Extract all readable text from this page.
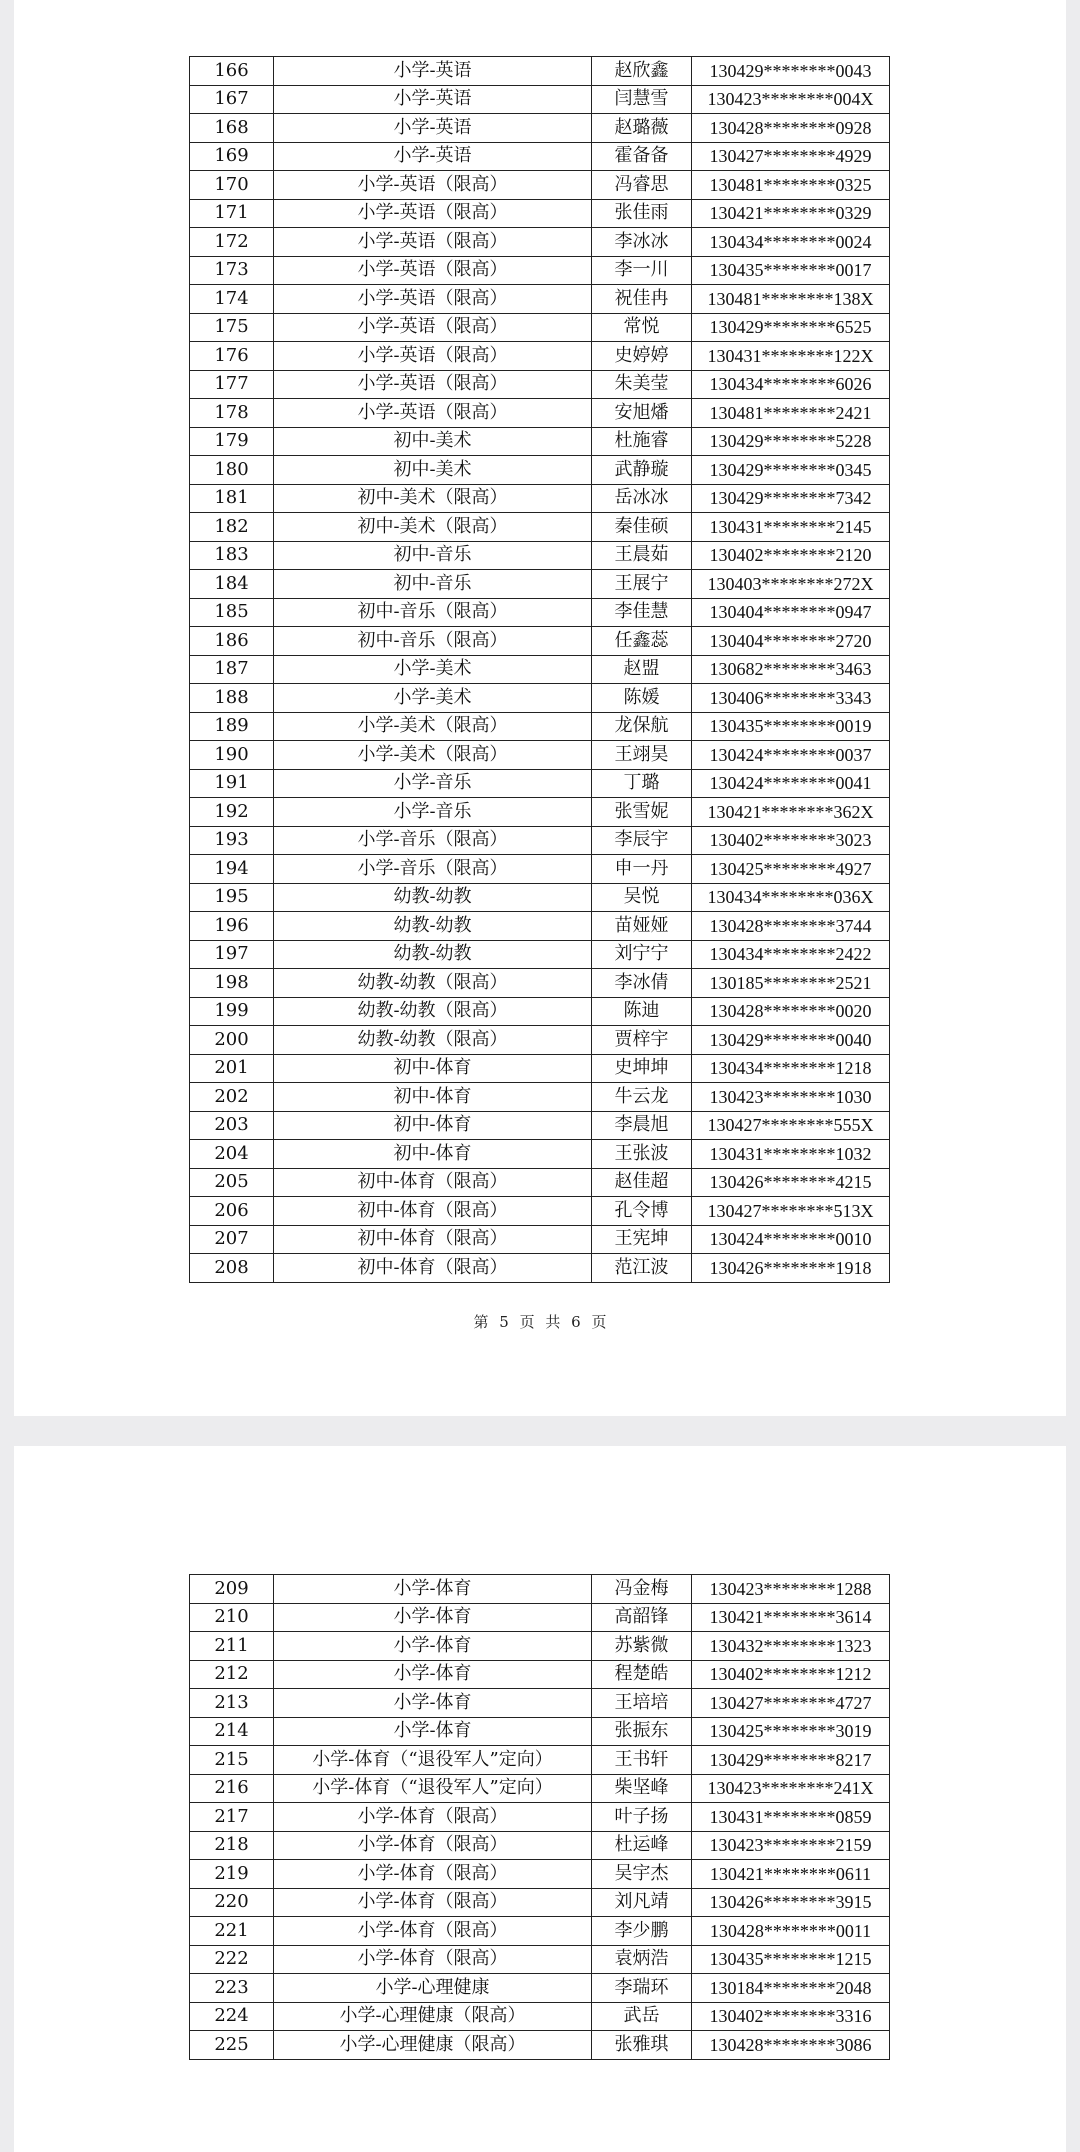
166	小学-英语	赵欣鑫	130429********0043
167	小学-英语	闫慧雪	130423********004X
168	小学-英语	赵璐薇	130428********0928
169	小学-英语	霍备备	130427********4929
170	小学-英语（限高）	冯睿思	130481********0325
171	小学-英语（限高）	张佳雨	130421********0329
172	小学-英语（限高）	李冰冰	130434********0024
173	小学-英语（限高）	李一川	130435********0017
174	小学-英语（限高）	祝佳冉	130481********138X
175	小学-英语（限高）	常悦	130429********6525
176	小学-英语（限高）	史婷婷	130431********122X
177	小学-英语（限高）	朱美莹	130434********6026
178	小学-英语（限高）	安旭燔	130481********2421
179	初中-美术	杜施睿	130429********5228
180	初中-美术	武静璇	130429********0345
181	初中-美术（限高）	岳冰冰	130429********7342
182	初中-美术（限高）	秦佳硕	130431********2145
183	初中-音乐	王晨茹	130402********2120
184	初中-音乐	王展宁	130403********272X
185	初中-音乐（限高）	李佳慧	130404********0947
186	初中-音乐（限高）	任鑫蕊	130404********2720
187	小学-美术	赵盟	130682********3463
188	小学-美术	陈媛	130406********3343
189	小学-美术（限高）	龙保航	130435********0019
190	小学-美术（限高）	王翊昊	130424********0037
191	小学-音乐	丁璐	130424********0041
192	小学-音乐	张雪妮	130421********362X
193	小学-音乐（限高）	李辰宇	130402********3023
194	小学-音乐（限高）	申一丹	130425********4927
195	幼教-幼教	吴悦	130434********036X
196	幼教-幼教	苗娅娅	130428********3744
197	幼教-幼教	刘宁宁	130434********2422
198	幼教-幼教（限高）	李冰倩	130185********2521
199	幼教-幼教（限高）	陈迪	130428********0020
200	幼教-幼教（限高）	贾梓宇	130429********0040
201	初中-体育	史坤坤	130434********1218
202	初中-体育	牛云龙	130423********1030
203	初中-体育	李晨旭	130427********555X
204	初中-体育	王张波	130431********1032
205	初中-体育（限高）	赵佳超	130426********4215
206	初中-体育（限高）	孔令博	130427********513X
207	初中-体育（限高）	王宪坤	130424********0010
208	初中-体育（限高）	范江波	130426********1918
第 5 页 共 6 页
209	小学-体育	冯金梅	130423********1288
210	小学-体育	高韶锋	130421********3614
211	小学-体育	苏紫微	130432********1323
212	小学-体育	程楚皓	130402********1212
213	小学-体育	王培培	130427********4727
214	小学-体育	张振东	130425********3019
215	小学-体育（“退役军人”定向）	王书轩	130429********8217
216	小学-体育（“退役军人”定向）	柴坚峰	130423********241X
217	小学-体育（限高）	叶子扬	130431********0859
218	小学-体育（限高）	杜运峰	130423********2159
219	小学-体育（限高）	吴宇杰	130421********0611
220	小学-体育（限高）	刘凡靖	130426********3915
221	小学-体育（限高）	李少鹏	130428********0011
222	小学-体育（限高）	袁炳浩	130435********1215
223	小学-心理健康	李瑞环	130184********2048
224	小学-心理健康（限高）	武岳	130402********3316
225	小学-心理健康（限高）	张雅琪	130428********3086
